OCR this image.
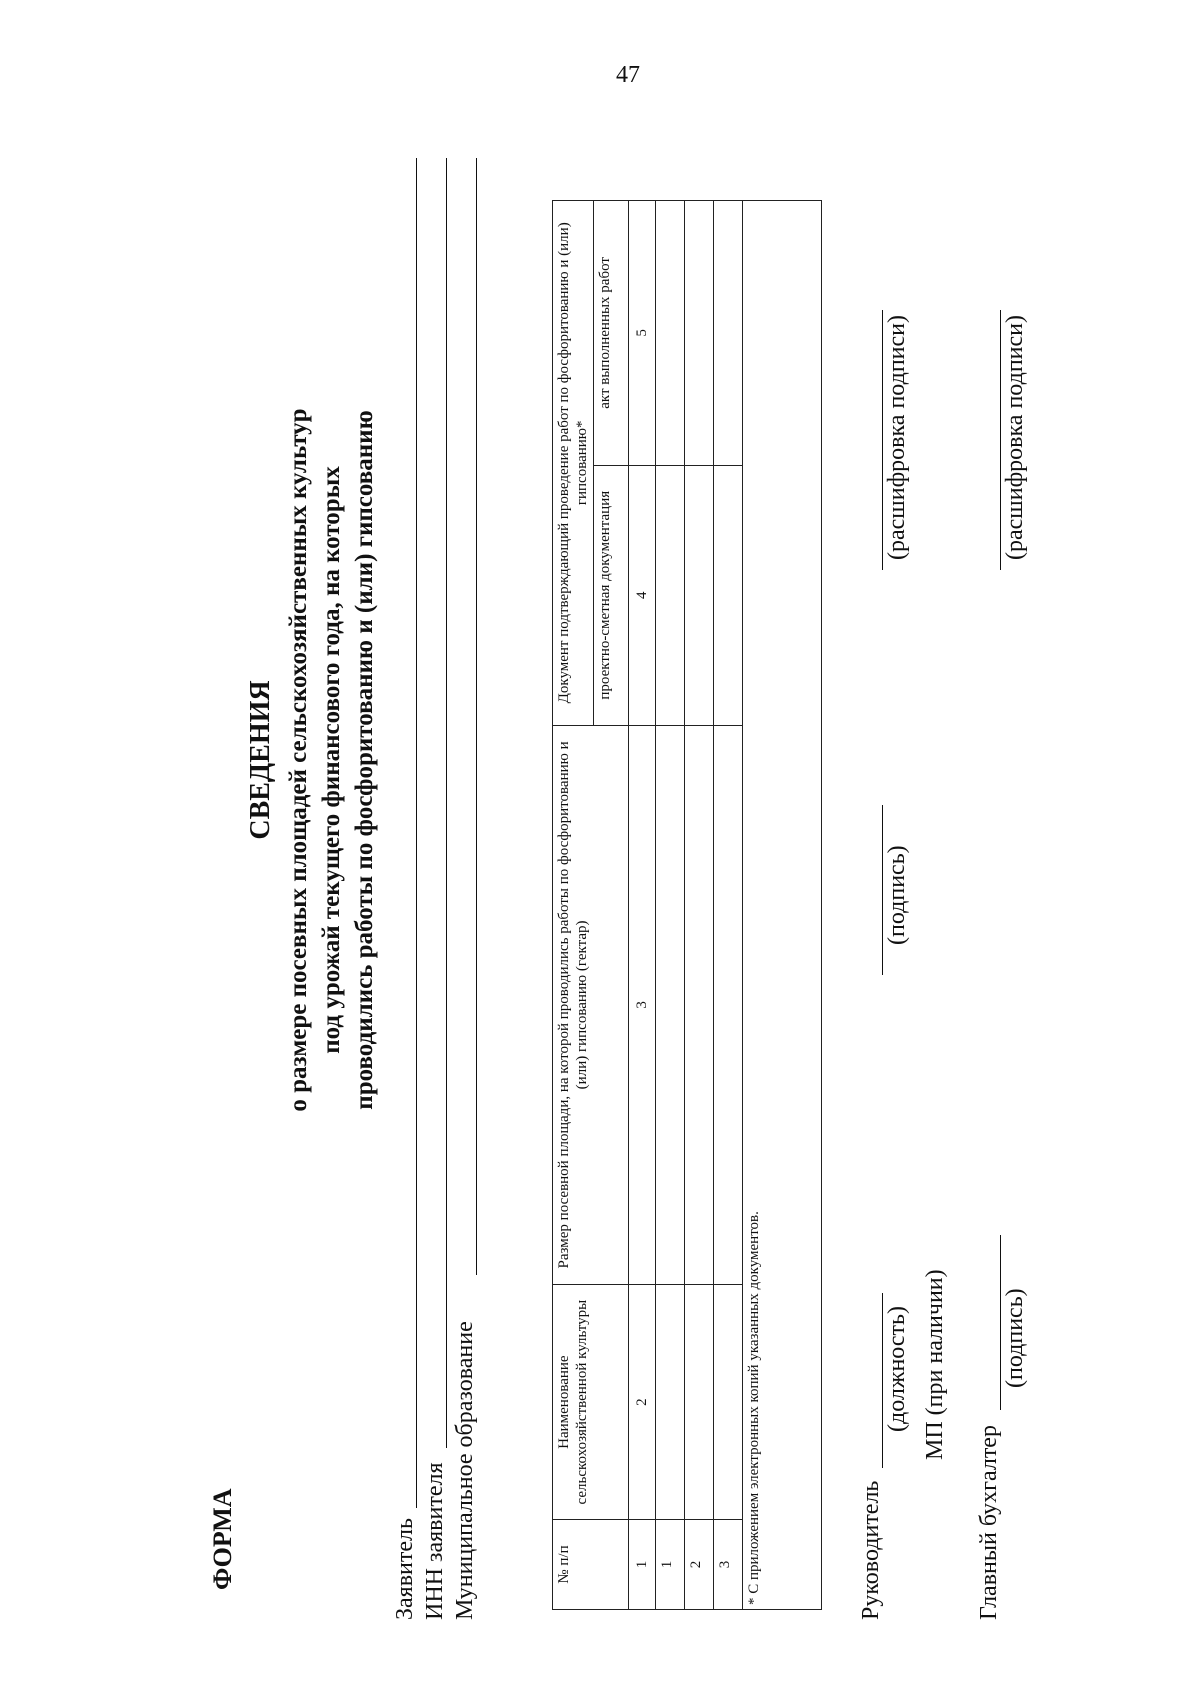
47
ФОРМА
СВЕДЕНИЯ о размере посевных площадей сельскохозяйственных культур под урожай текущего финансового года, на которых проводились работы по фосфоритованию и (или) гипсованию
Заявитель ИНН заявителя Муниципальное образование	№ п/п	Наименование сельскохозяйственной культуры	Размер посевной площади, на которой проводились работы по фосфоритованию и (или) гипсованию (гектар)	Документ подтверждающий проведение работ по фосфоритованию и (или) гипсованию*	
			проектно-сметная документация	акт выполненных работ
1	2	3	4	5
1				
2				
3				
* С приложением электронных копий указанных документов.					Руководитель
(должность)
(подпись)
(расшифровка подписи)
МП (при наличии)
Главный бухгалтер
(подпись)
(расшифровка подписи)
